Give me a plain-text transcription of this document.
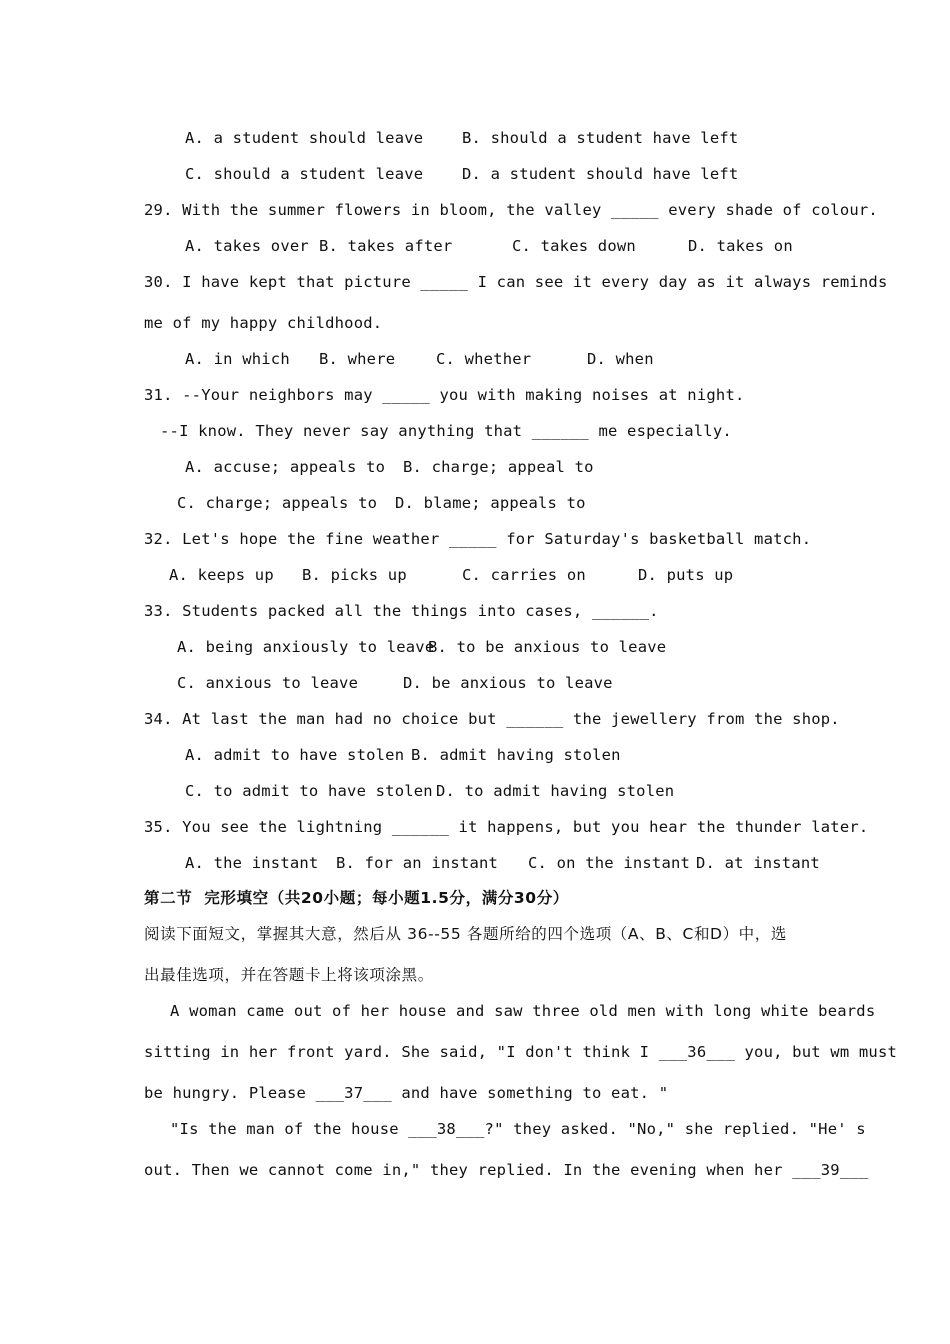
A. a student should leave B. should a student have left
C. should a student leave D. a student should have left
29. With the summer flowers in bloom, the valley _____ every shade of colour.
A. takes over B. takes after	C. takes down	D. takes on
30. I have kept that picture _____ I can see it every day as it always reminds
me of my happy childhood.
A. in which B. where	C. whether	D. when
31. --Your neighbors may _____ you with making noises at night.
--I know. They never say anything that ______ me especially.
A. accuse; appeals to B. charge; appeal to
C. charge; appeals to D. blame; appeals to
32. Let's hope the fine weather _____ for Saturday's basketball match.
A. keeps up B. picks up	C. carries on	D. puts up
33. Students packed all the things into cases, ______.
A. being anxiously to leave
B. to be anxious to leave
C. anxious to leave	D. be anxious to leave
34. At last the man had no choice but ______ the jewellery from the shop.
A. admit to have stolen B. admit having stolen
C. to admit to have stolen D. to admit having stolen
35. You see the lightning ______ it happens, but you hear the thunder later.
A. the instant B. for an instant C. on the instant D. at instant
第二节  完形填空（共20小题；每小题1.5分，满分30分）
阅读下面短文，掌握其大意，然后从 36--55 各题所给的四个选项（A、B、C和D）中，选
出最佳选项，并在答题卡上将该项涂黑。
A woman came out of her house and saw three old men with long white beards
sitting in her front yard. She said, "I don't think I ___36___ you, but wm must
be hungry. Please ___37___ and have something to eat. "
"Is the man of the house ___38___?" they asked. "No," she replied. "He' s
out. Then we cannot come in," they replied. In the evening when her ___39___
